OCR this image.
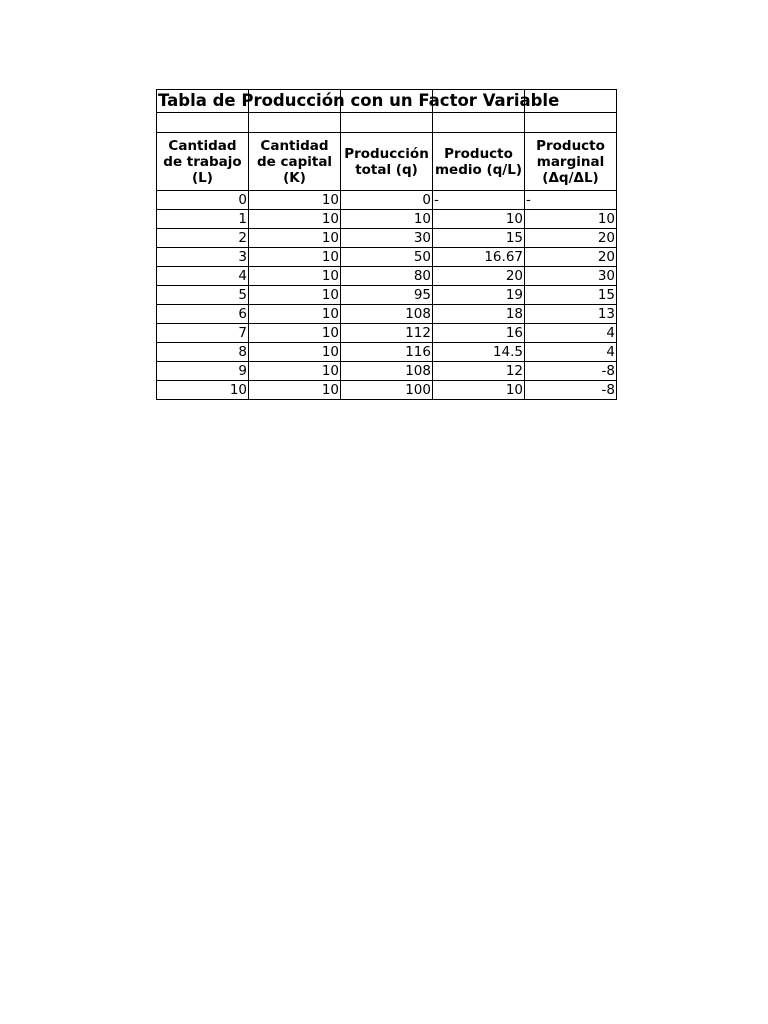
Tabla de Producción con un Factor Variable				

Cantidad de trabajo (L)	Cantidad de capital (K)	Producción total (q)	Producto medio (q/L)	Producto marginal (Δq/ΔL)
0	10	0	-	-
1	10	10	10	10
2	10	30	15	20
3	10	50	16.67	20
4	10	80	20	30
5	10	95	19	15
6	10	108	18	13
7	10	112	16	4
8	10	116	14.5	4
9	10	108	12	-8
10	10	100	10	-8
